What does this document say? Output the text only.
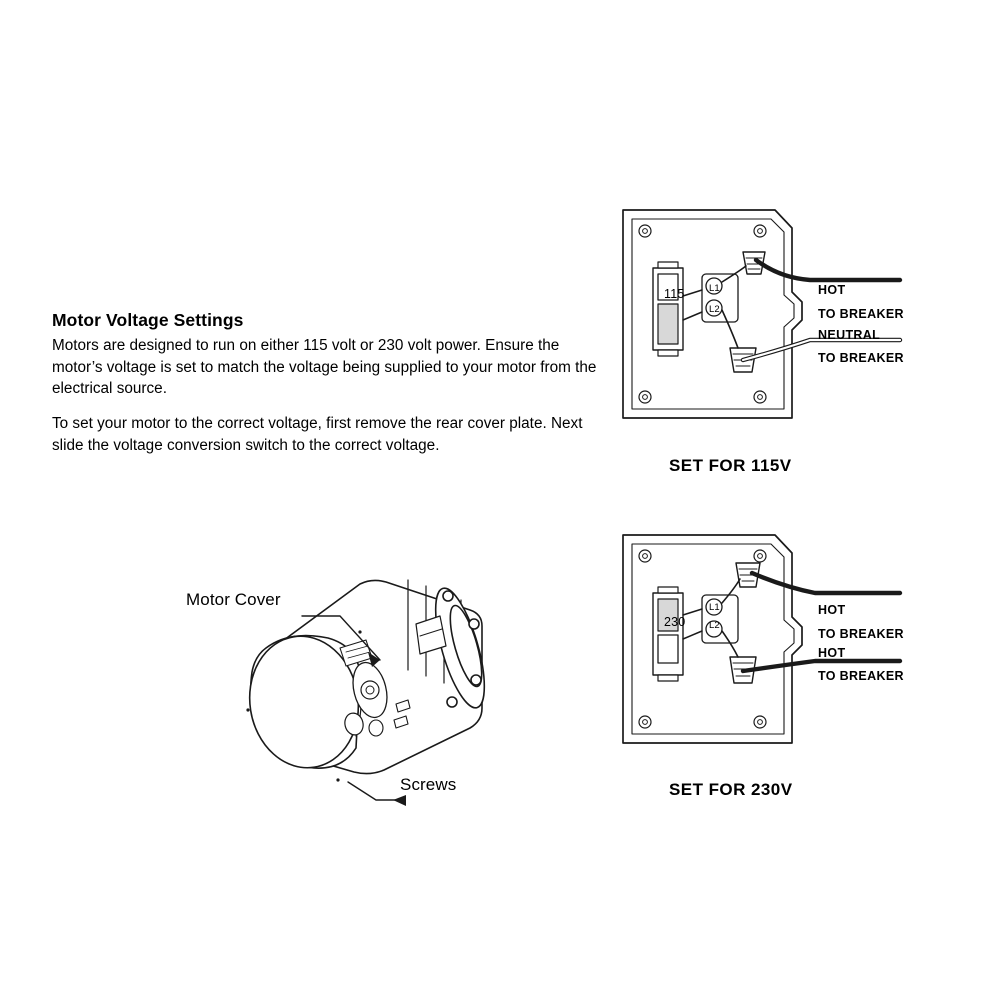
Motor Voltage Settings

Motors are designed to run on either 115 volt or 230 volt power. Ensure the motor’s voltage is set to match the voltage being supplied to your motor from the electrical source.

To set your motor to the correct voltage, first remove the rear cover plate. Next slide the voltage conversion switch to the correct voltage.

Motor Cover
Screws
115	L1
L2
HOT
TO BREAKER
NEUTRAL
TO BREAKER
SET FOR 115V
230
L1
L2
HOT
TO BREAKER
HOT
TO BREAKER
SET FOR 230V
